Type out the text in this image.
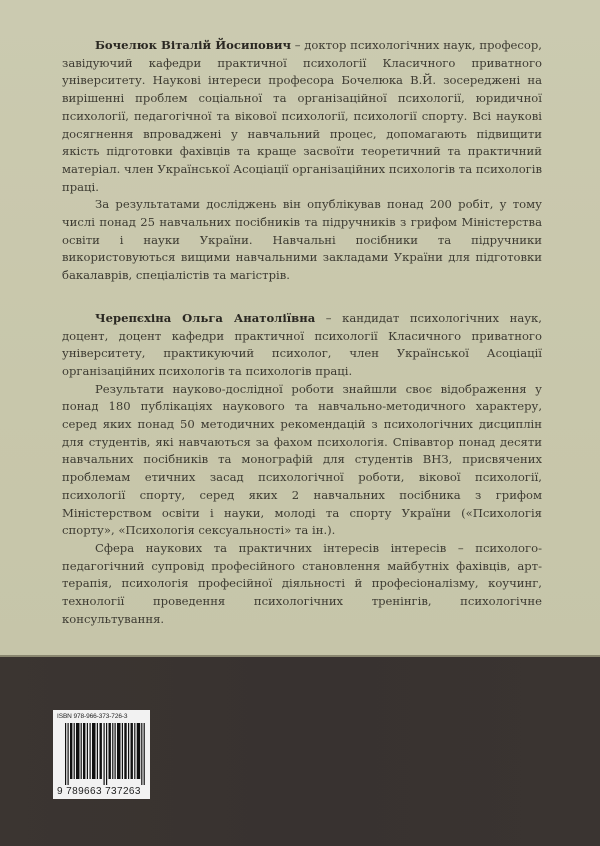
Бочелюк Віталій Йосипович – доктор психологічних наук, професор, завідуючий кафедри практичної психології Класичного приватного університету. Наукові інтереси професора Бочелюка В.Й. зосереджені на вирішенні проблем соціальної та організаційної психології, юридичної психології, педагогічної та вікової психології, психології спорту. Всі наукові досягнення впроваджені у навчальний процес, допомагають підвищити якість підготовки фахівців та краще засвоїти теоретичний та практичний матеріал. член Української Асоціації організаційних психологів та психологів праці.

За результатами досліджень він опублікував понад 200 робіт, у тому числі понад 25 навчальних посібників та підручників з грифом Міністерства освіти і науки України. Навчальні посібники та підручники використовуються вищими навчальними закладами України для підготовки бакалаврів, спеціалістів та магістрів.

Черепєхіна Ольга Анатоліївна – кандидат психологічних наук, доцент, доцент кафедри практичної психології Класичного приватного університету, практикуючий психолог, член Української Асоціації організаційних психологів та психологів праці.

Результати науково-дослідної роботи знайшли своє відображення у понад 180 публікаціях наукового та навчально-методичного характеру, серед яких понад 50 методичних рекомендацій з психологічних дисциплін для студентів, які навчаються за фахом психологія. Співавтор понад десяти навчальних посібників та монографій для студентів ВНЗ, присвячених проблемам етичних засад психологічної роботи, вікової психології, психології спорту, серед яких 2 навчальних посібника з грифом Міністерством освіти і науки, молоді та спорту України («Психологія спорту», «Психологія сексуальності» та ін.).

Сфера наукових та практичних інтересів інтересів – психолого-педагогічний супровід професійного становлення майбутніх фахівців, арт-терапія, психологія професійної діяльності й професіоналізму, коучинг, технології проведення психологічних тренінгів, психологічне консультування.

ISBN 978-966-373-726-3
9 789663 737263
